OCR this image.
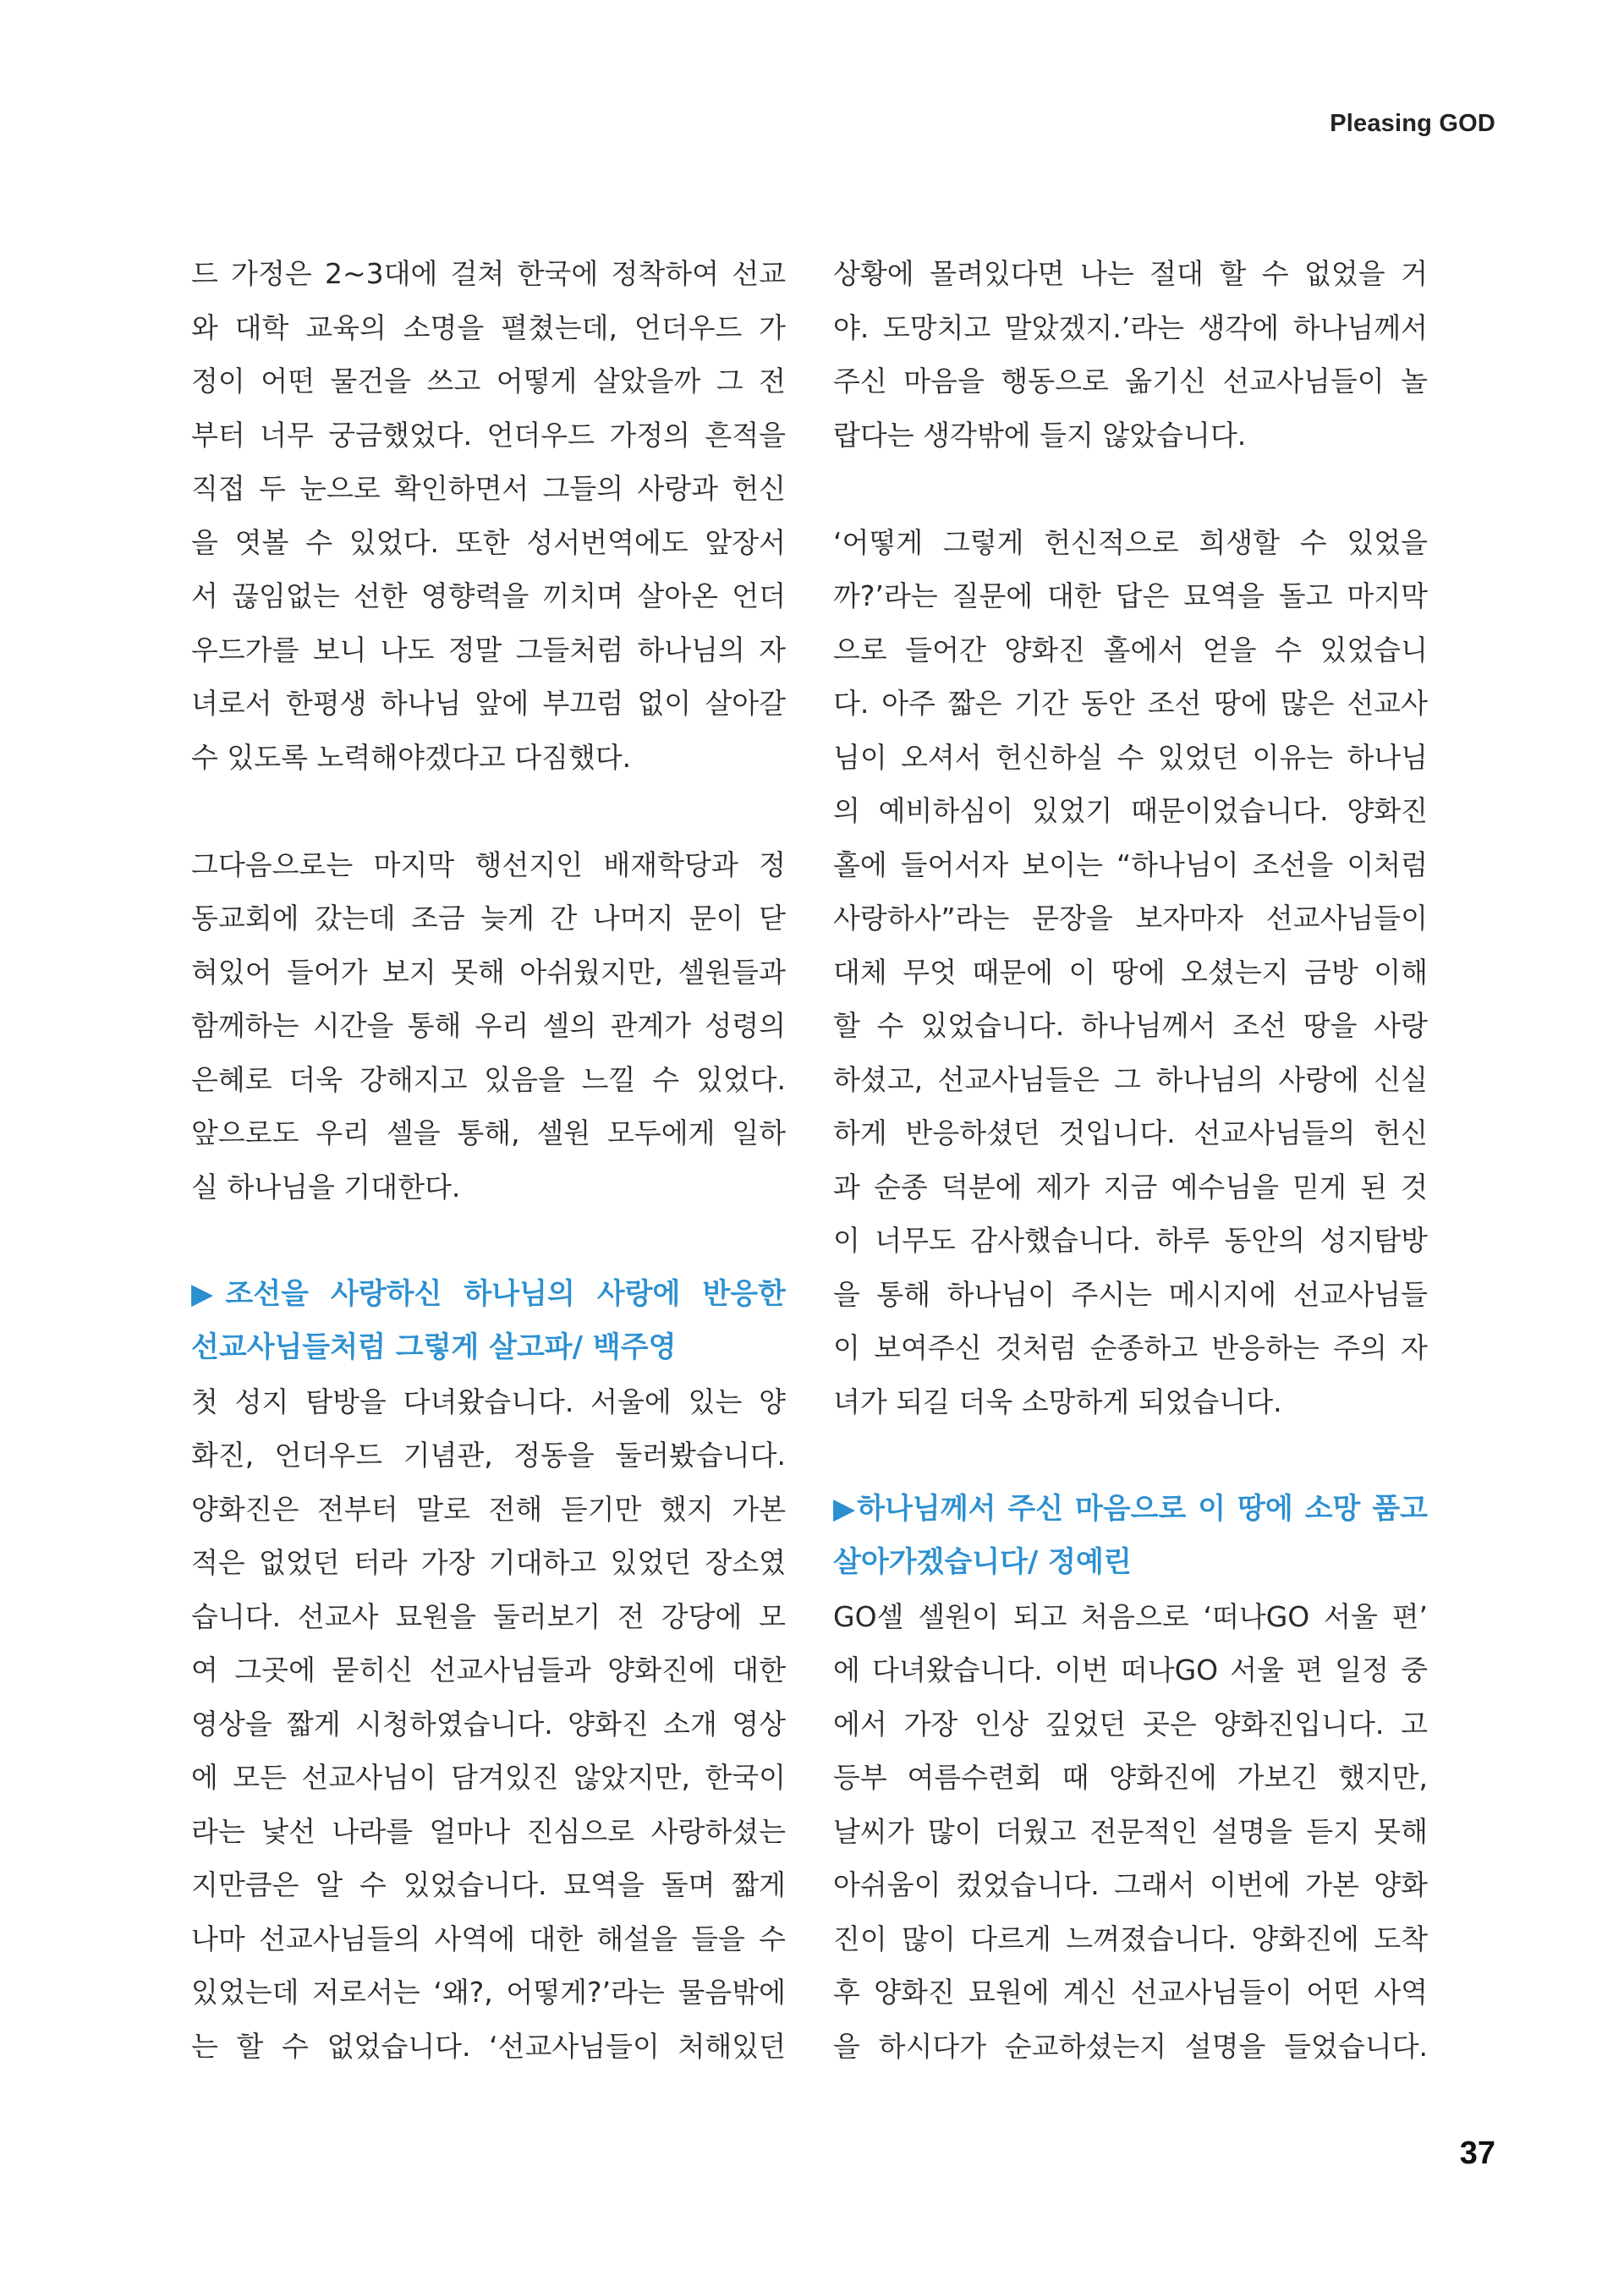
Pleasing GOD
드 가정은 2~3대에 걸쳐 한국에 정착하여 선교
와 대학 교육의 소명을 펼쳤는데, 언더우드 가
정이 어떤 물건을 쓰고 어떻게 살았을까 그 전
부터 너무 궁금했었다. 언더우드 가정의 흔적을
직접 두 눈으로 확인하면서 그들의 사랑과 헌신
을 엿볼 수 있었다. 또한 성서번역에도 앞장서
서 끊임없는 선한 영향력을 끼치며 살아온 언더
우드가를 보니 나도 정말 그들처럼 하나님의 자
녀로서 한평생 하나님 앞에 부끄럼 없이 살아갈
수 있도록 노력해야겠다고 다짐했다.
그다음으로는 마지막 행선지인 배재학당과 정
동교회에 갔는데 조금 늦게 간 나머지 문이 닫
혀있어 들어가 보지 못해 아쉬웠지만, 셀원들과
함께하는 시간을 통해 우리 셀의 관계가 성령의
은혜로 더욱 강해지고 있음을 느낄 수 있었다.
앞으로도 우리 셀을 통해, 셀원 모두에게 일하
실 하나님을 기대한다.
▶조선을 사랑하신 하나님의 사랑에 반응한
선교사님들처럼 그렇게 살고파/ 백주영
첫 성지 탐방을 다녀왔습니다. 서울에 있는 양
화진, 언더우드 기념관, 정동을 둘러봤습니다.
양화진은 전부터 말로 전해 듣기만 했지 가본
적은 없었던 터라 가장 기대하고 있었던 장소였
습니다. 선교사 묘원을 둘러보기 전 강당에 모
여 그곳에 묻히신 선교사님들과 양화진에 대한
영상을 짧게 시청하였습니다. 양화진 소개 영상
에 모든 선교사님이 담겨있진 않았지만, 한국이
라는 낯선 나라를 얼마나 진심으로 사랑하셨는
지만큼은 알 수 있었습니다. 묘역을 돌며 짧게
나마 선교사님들의 사역에 대한 해설을 들을 수
있었는데 저로서는 ‘왜?, 어떻게?’라는 물음밖에
는 할 수 없었습니다. ‘선교사님들이 처해있던
상황에 몰려있다면 나는 절대 할 수 없었을 거
야. 도망치고 말았겠지.’라는 생각에 하나님께서
주신 마음을 행동으로 옮기신 선교사님들이 놀
랍다는 생각밖에 들지 않았습니다.
‘어떻게 그렇게 헌신적으로 희생할 수 있었을
까?’라는 질문에 대한 답은 묘역을 돌고 마지막
으로 들어간 양화진 홀에서 얻을 수 있었습니
다. 아주 짧은 기간 동안 조선 땅에 많은 선교사
님이 오셔서 헌신하실 수 있었던 이유는 하나님
의 예비하심이 있었기 때문이었습니다. 양화진
홀에 들어서자 보이는 “하나님이 조선을 이처럼
사랑하사”라는 문장을 보자마자 선교사님들이
대체 무엇 때문에 이 땅에 오셨는지 금방 이해
할 수 있었습니다. 하나님께서 조선 땅을 사랑
하셨고, 선교사님들은 그 하나님의 사랑에 신실
하게 반응하셨던 것입니다. 선교사님들의 헌신
과 순종 덕분에 제가 지금 예수님을 믿게 된 것
이 너무도 감사했습니다. 하루 동안의 성지탐방
을 통해 하나님이 주시는 메시지에 선교사님들
이 보여주신 것처럼 순종하고 반응하는 주의 자
녀가 되길 더욱 소망하게 되었습니다.
▶하나님께서 주신 마음으로 이 땅에 소망 품고
살아가겠습니다/ 정예린
GO셀 셀원이 되고 처음으로 ‘떠나GO 서울 편’
에 다녀왔습니다. 이번 떠나GO 서울 편 일정 중
에서 가장 인상 깊었던 곳은 양화진입니다. 고
등부 여름수련회 때 양화진에 가보긴 했지만,
날씨가 많이 더웠고 전문적인 설명을 듣지 못해
아쉬움이 컸었습니다. 그래서 이번에 가본 양화
진이 많이 다르게 느껴졌습니다. 양화진에 도착
후 양화진 묘원에 계신 선교사님들이 어떤 사역
을 하시다가 순교하셨는지 설명을 들었습니다.
37
